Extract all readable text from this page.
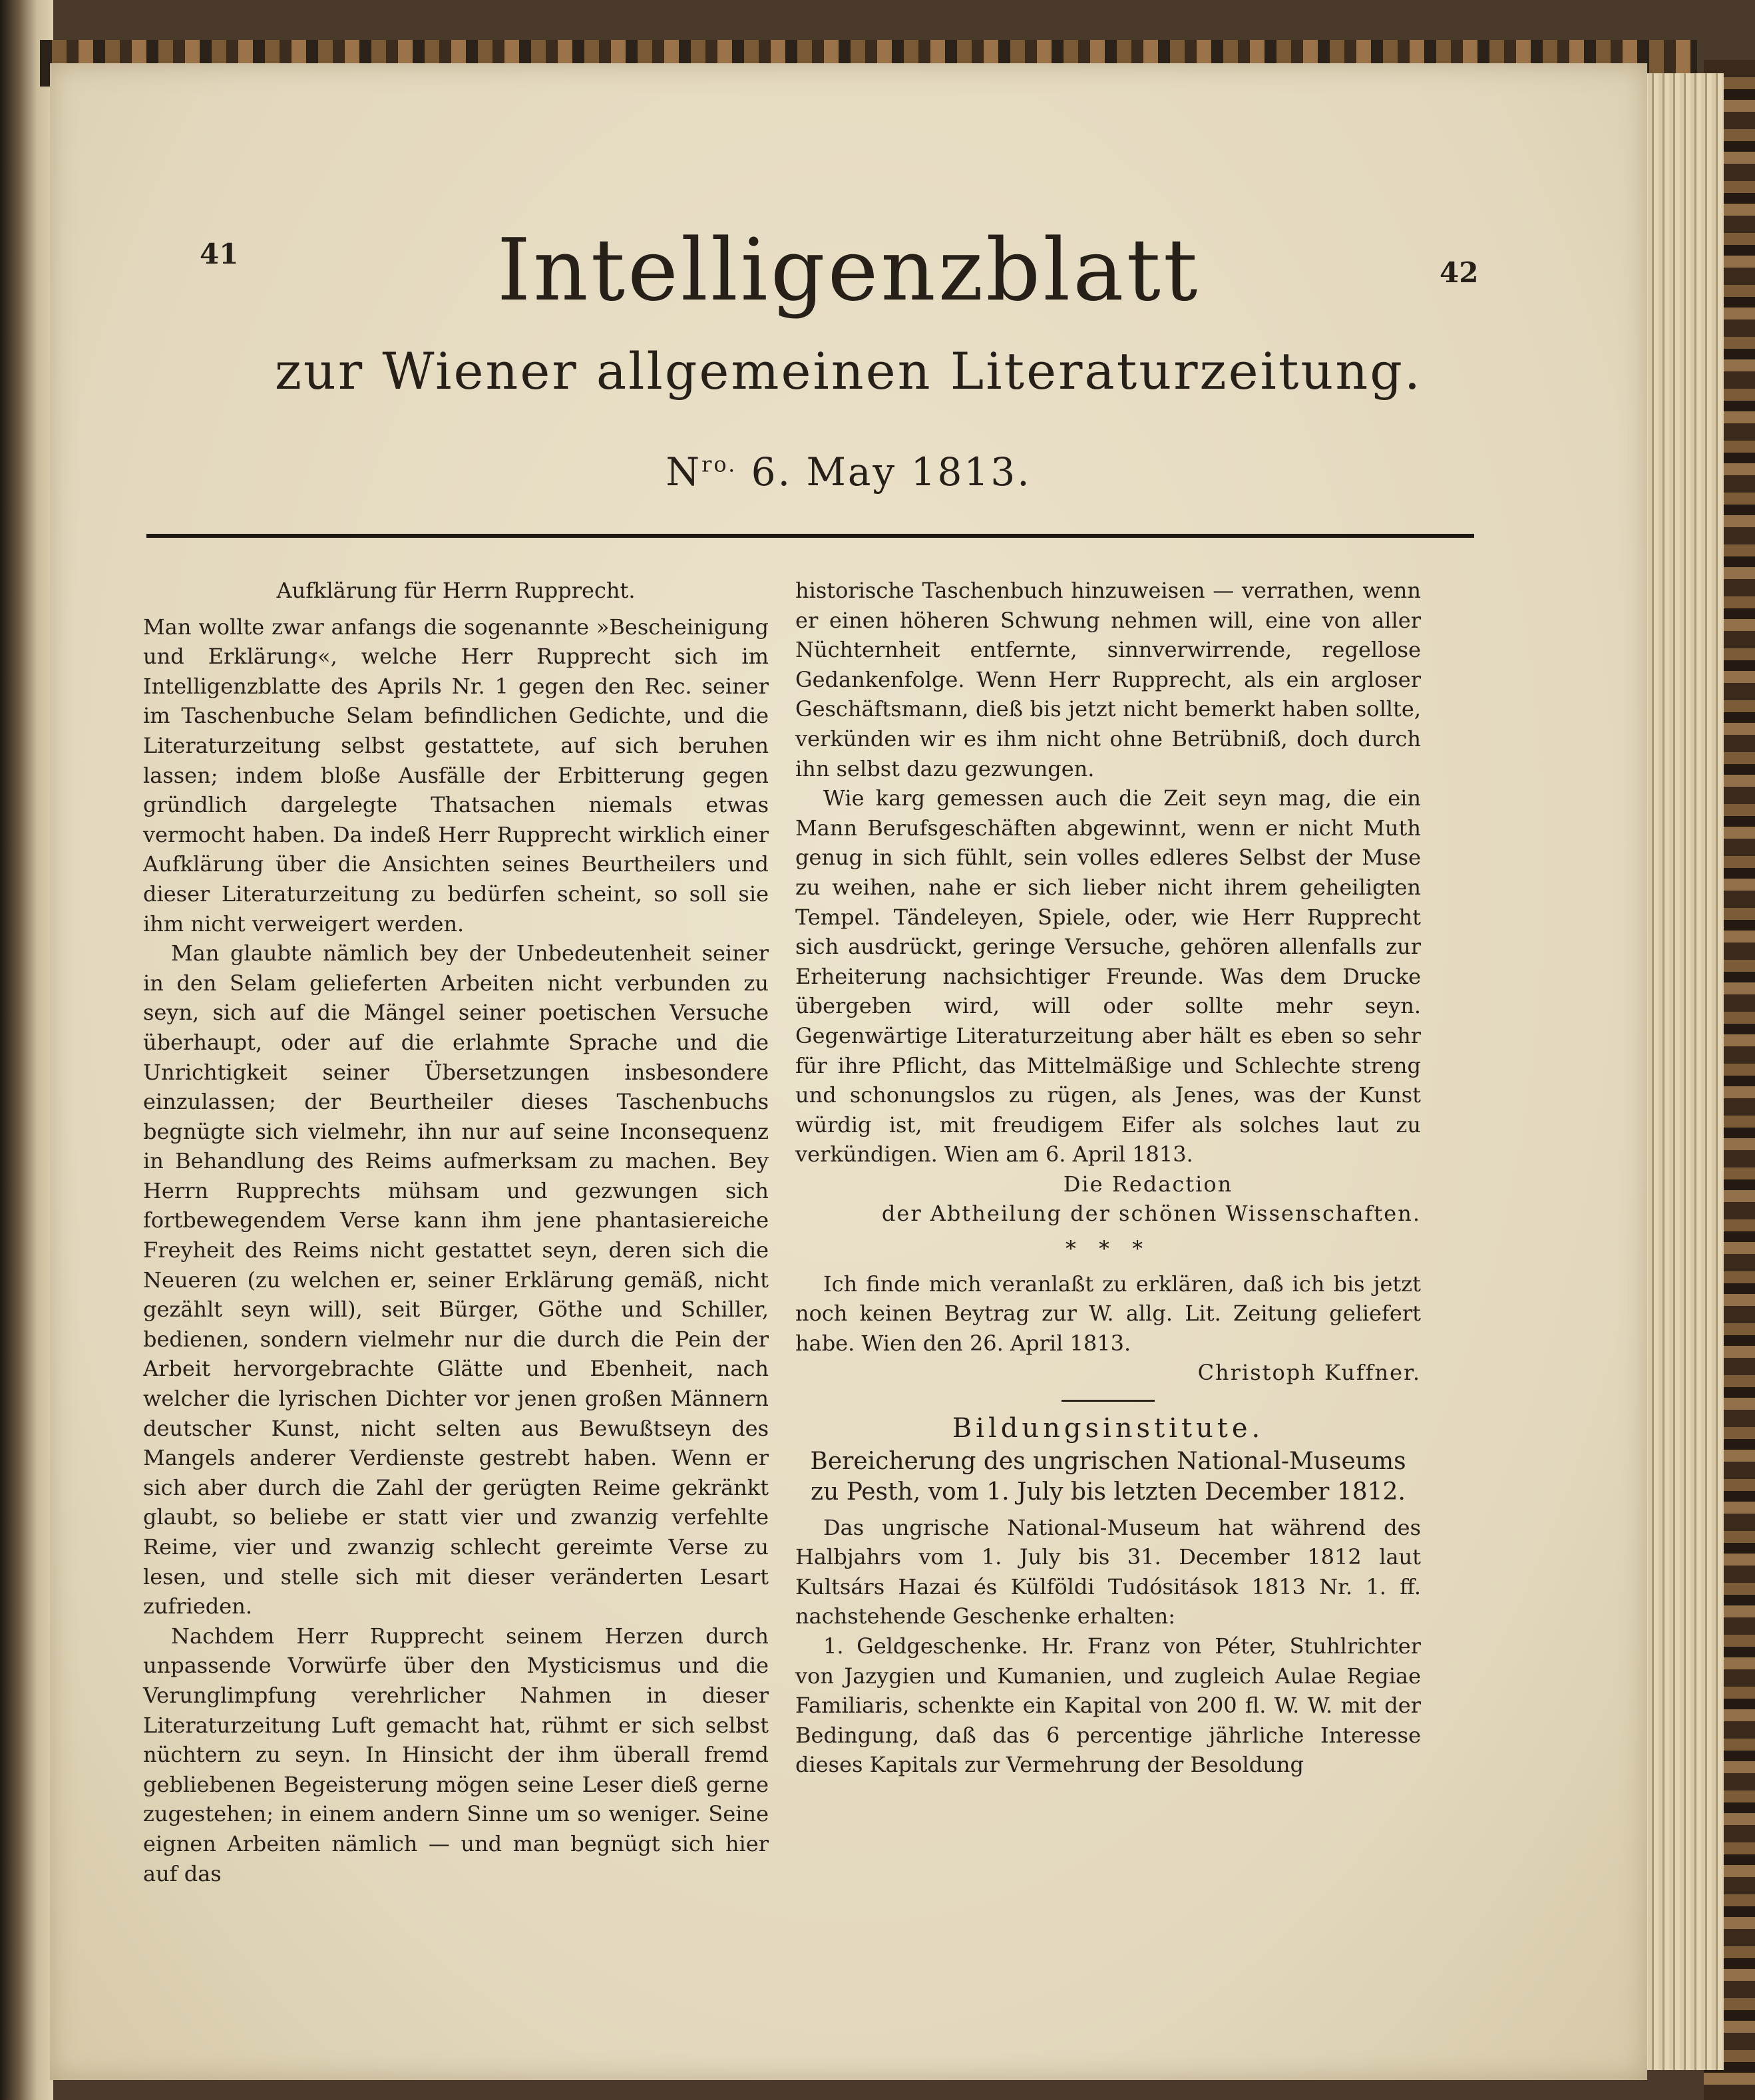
41
42
Intelligenzblatt
zur Wiener allgemeinen Literaturzeitung.
$N^{ro.}$ 6. May 1813.

Aufklärung für Herrn Rupprecht.

Man wollte zwar anfangs die sogenannte »Bescheinigung und Erklärung«, welche Herr Rupprecht sich im Intelligenzblatte des Aprils Nr. 1 gegen den Rec. seiner im Taschenbuche Selam befindlichen Gedichte, und die Literaturzeitung selbst gestattete, auf sich beruhen lassen; indem bloße Ausfälle der Erbitterung gegen gründlich dargelegte Thatsachen niemals etwas vermocht haben. Da indeß Herr Rupprecht wirklich einer Aufklärung über die Ansichten seines Beurtheilers und dieser Literaturzeitung zu bedürfen scheint, so soll sie ihm nicht verweigert werden.

Man glaubte nämlich bey der Unbedeutenheit seiner in den Selam gelieferten Arbeiten nicht verbunden zu seyn, sich auf die Mängel seiner poetischen Versuche überhaupt, oder auf die erlahmte Sprache und die Unrichtigkeit seiner Übersetzungen insbesondere einzulassen; der Beurtheiler dieses Taschenbuchs begnügte sich vielmehr, ihn nur auf seine Inconsequenz in Behandlung des Reims aufmerksam zu machen. Bey Herrn Rupprechts mühsam und gezwungen sich fortbewegendem Verse kann ihm jene phantasiereiche Freyheit des Reims nicht gestattet seyn, deren sich die Neueren (zu welchen er, seiner Erklärung gemäß, nicht gezählt seyn will), seit Bürger, Göthe und Schiller, bedienen, sondern vielmehr nur die durch die Pein der Arbeit hervorgebrachte Glätte und Ebenheit, nach welcher die lyrischen Dichter vor jenen großen Männern deutscher Kunst, nicht selten aus Bewußtseyn des Mangels anderer Verdienste gestrebt haben. Wenn er sich aber durch die Zahl der gerügten Reime gekränkt glaubt, so beliebe er statt vier und zwanzig verfehlte Reime, vier und zwanzig schlecht gereimte Verse zu lesen, und stelle sich mit dieser veränderten Lesart zufrieden.

Nachdem Herr Rupprecht seinem Herzen durch unpassende Vorwürfe über den Mysticismus und die Verunglimpfung verehrlicher Nahmen in dieser Literaturzeitung Luft gemacht hat, rühmt er sich selbst nüchtern zu seyn. In Hinsicht der ihm überall fremd gebliebenen Begeisterung mögen seine Leser dieß gerne zugestehen; in einem andern Sinne um so weniger. Seine eignen Arbeiten nämlich — und man begnügt sich hier auf das

historische Taschenbuch hinzuweisen — verrathen, wenn er einen höheren Schwung nehmen will, eine von aller Nüchternheit entfernte, sinnverwirrende, regellose Gedankenfolge. Wenn Herr Rupprecht, als ein argloser Geschäftsmann, dieß bis jetzt nicht bemerkt haben sollte, verkünden wir es ihm nicht ohne Betrübniß, doch durch ihn selbst dazu gezwungen.

Wie karg gemessen auch die Zeit seyn mag, die ein Mann Berufsgeschäften abgewinnt, wenn er nicht Muth genug in sich fühlt, sein volles edleres Selbst der Muse zu weihen, nahe er sich lieber nicht ihrem geheiligten Tempel. Tändeleyen, Spiele, oder, wie Herr Rupprecht sich ausdrückt, geringe Versuche, gehören allenfalls zur Erheiterung nachsichtiger Freunde. Was dem Drucke übergeben wird, will oder sollte mehr seyn. Gegenwärtige Literaturzeitung aber hält es eben so sehr für ihre Pflicht, das Mittelmäßige und Schlechte streng und schonungslos zu rügen, als Jenes, was der Kunst würdig ist, mit freudigem Eifer als solches laut zu verkündigen. Wien am 6. April 1813.

Die Redaction

der Abtheilung der schönen Wissenschaften.

* * *

Ich finde mich veranlaßt zu erklären, daß ich bis jetzt noch keinen Beytrag zur W. allg. Lit. Zeitung geliefert habe. Wien den 26. April 1813.

Christoph Kuffner.

Bildungsinstitute.

Bereicherung des ungrischen National-Museums zu Pesth, vom 1. July bis letzten December 1812.

Das ungrische National-Museum hat während des Halbjahrs vom 1. July bis 31. December 1812 laut Kultsárs Hazai és Külföldi Tudósitások 1813 Nr. 1. ff. nachstehende Geschenke erhalten:

1. Geldgeschenke. Hr. Franz von Péter, Stuhlrichter von Jazygien und Kumanien, und zugleich Aulae Regiae Familiaris, schenkte ein Kapital von 200 fl. W. W. mit der Bedingung, daß das 6 percentige jährliche Interesse dieses Kapitals zur Vermehrung der Besoldung
